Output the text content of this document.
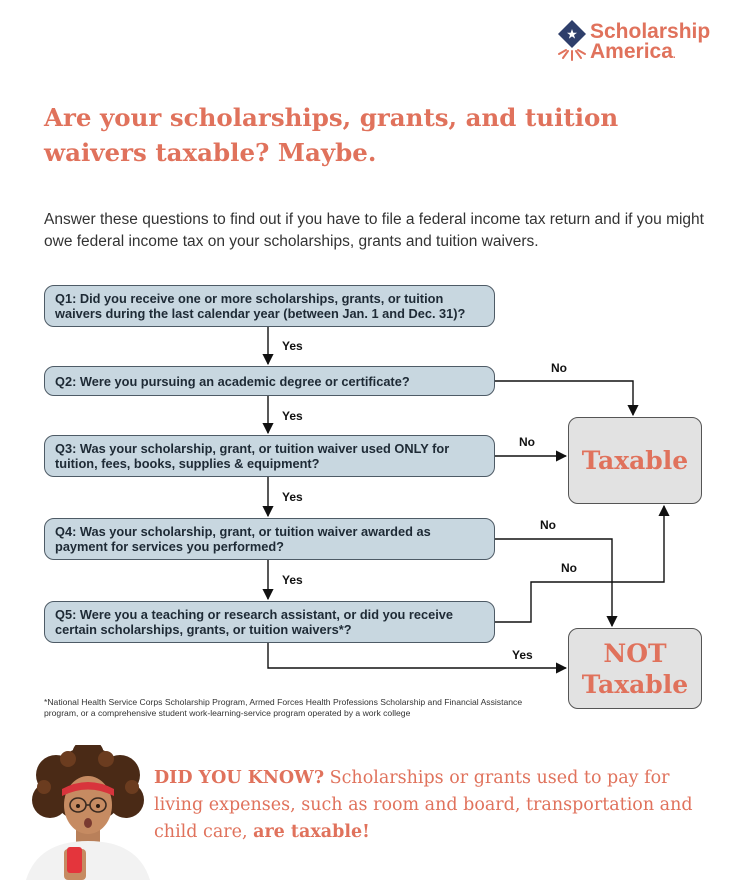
Scholarship
America.
Are your scholarships, grants, and tuition waivers taxable? Maybe.

Answer these questions to find out if you have to file a federal income tax return and if you might owe federal income tax on your scholarships, grants and tuition waivers.

Q1: Did you receive one or more scholarships, grants, or tuition waivers during the last calendar year (between Jan. 1 and Dec. 31)?
Q2: Were you pursuing an academic degree or certificate?
Q3: Was your scholarship, grant, or tuition waiver used ONLY for tuition, fees, books, supplies & equipment?
Q4: Was your scholarship, grant, or tuition waiver awarded as payment for services you performed?
Q5: Were you a teaching or research assistant, or did you receive certain scholarships, grants, or tuition waivers*?
Taxable
NOT
Taxable
Yes
Yes
Yes
Yes
Yes
No
No
No
No

*National Health Service Corps Scholarship Program, Armed Forces Health Professions Scholarship and Financial Assistance program, or a comprehensive student work-learning-service program operated by a work college

DID YOU KNOW? Scholarships or grants used to pay for living expenses, such as room and board, transportation and child care, are taxable!
